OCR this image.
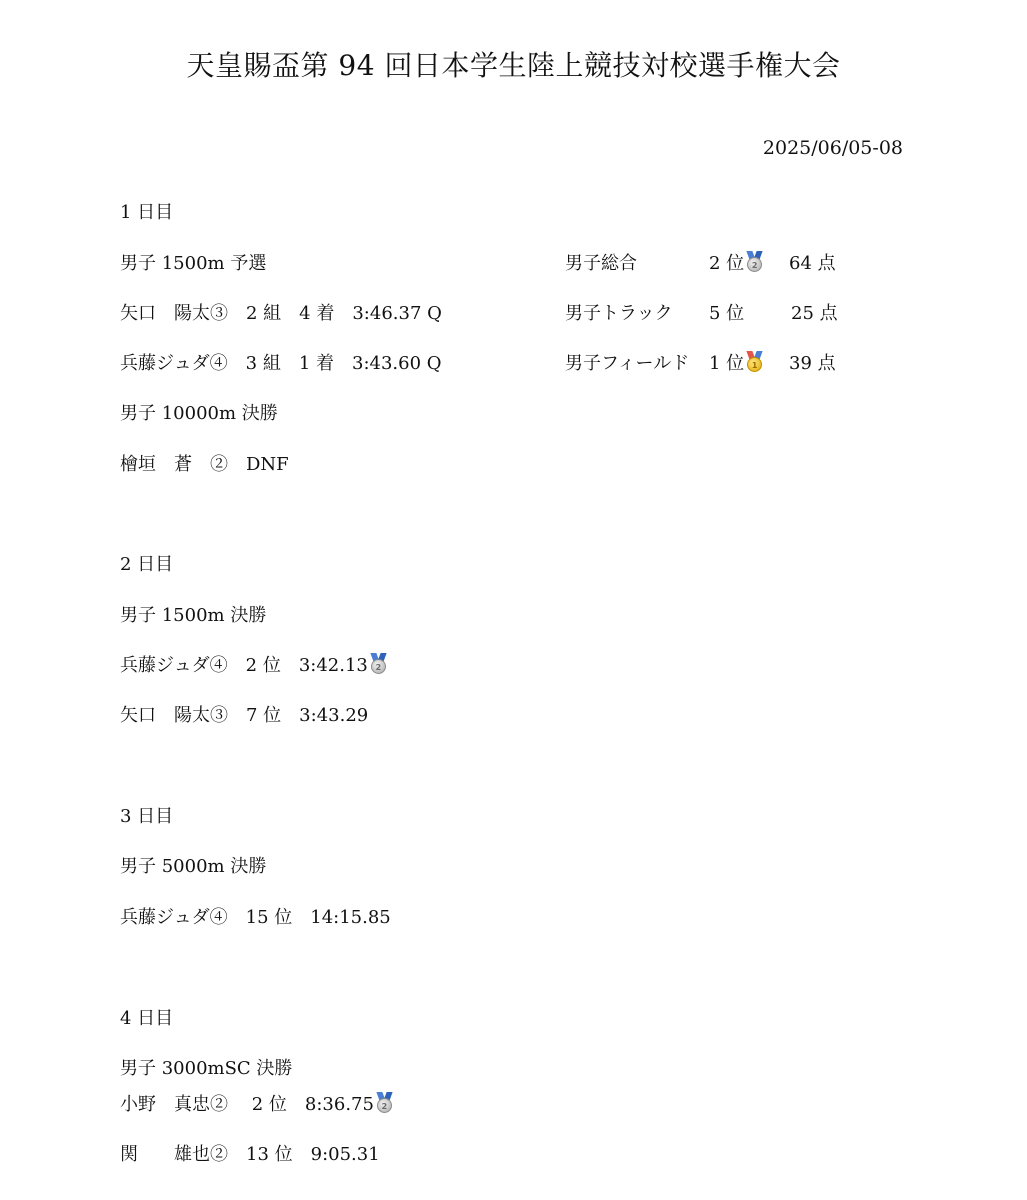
天皇賜盃第 94 回日本学生陸上競技対校選手権大会
2025/06/05-08

男子総合

	2 位 2

64 点

男子トラック

5 位

	25 点

男子フィールド

1 位 1

39 点

1 日目
男子 1500m 予選
矢口　陽太③　2 組　4 着　3:46.37 Q
兵藤ジュダ④　3 組　1 着　3:43.60 Q
男子 10000m 決勝
檜垣　蒼　②　DNF
2 日目
男子 1500m 決勝
兵藤ジュダ④　2 位　3:42.13 2
矢口　陽太③　7 位　3:43.29
3 日目
男子 5000m 決勝
兵藤ジュダ④　15 位　14:15.85
4 日目
男子 3000mSC 決勝
小野　真忠②　 2 位　8:36.75 2
関　　雄也②　13 位　9:05.31
